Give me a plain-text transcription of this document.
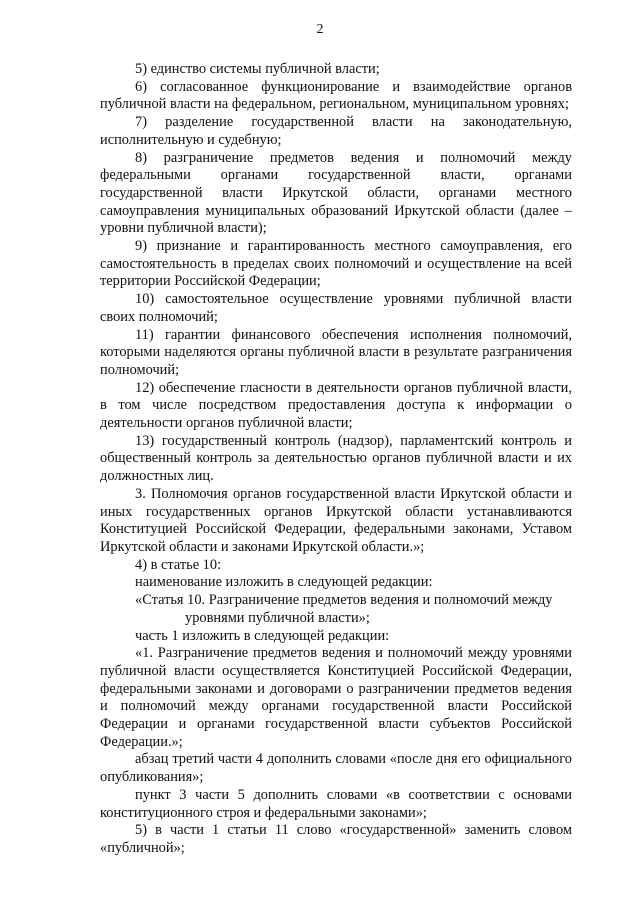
2

5) единство системы публичной власти;

6) согласованное функционирование и взаимодействие органов публичной власти на федеральном, региональном, муниципальном уровнях;

7) разделение государственной власти на законодательную, исполнительную и судебную;

8) разграничение предметов ведения и полномочий между федеральными органами государственной власти, органами государственной власти Иркутской области, органами местного самоуправления муниципальных образований Иркутской области (далее – уровни публичной власти);

9) признание и гарантированность местного самоуправления, его самостоятельность в пределах своих полномочий и осуществление на всей территории Российской Федерации;

10) самостоятельное осуществление уровнями публичной власти своих полномочий;

11) гарантии финансового обеспечения исполнения полномочий, которыми наделяются органы публичной власти в результате разграничения полномочий;

12) обеспечение гласности в деятельности органов публичной власти, в том числе посредством предоставления доступа к информации о деятельности органов публичной власти;

13) государственный контроль (надзор), парламентский контроль и общественный контроль за деятельностью органов публичной власти и их должностных лиц.

3. Полномочия органов государственной власти Иркутской области и иных государственных органов Иркутской области устанавливаются Конституцией Российской Федерации, федеральными законами, Уставом Иркутской области и законами Иркутской области.»;

4) в статье 10:

наименование изложить в следующей редакции:

«Статья 10. Разграничение предметов ведения и полномочий между

уровнями публичной власти»;

часть 1 изложить в следующей редакции:

«1. Разграничение предметов ведения и полномочий между уровнями публичной власти осуществляется Конституцией Российской Федерации, федеральными законами и договорами о разграничении предметов ведения и полномочий между органами государственной власти Российской Федерации и органами государственной власти субъектов Российской Федерации.»;

абзац третий части 4 дополнить словами «после дня его официального опубликования»;

пункт 3 части 5 дополнить словами «в соответствии с основами конституционного строя и федеральными законами»;

5) в части 1 статьи 11 слово «государственной» заменить словом «публичной»;
